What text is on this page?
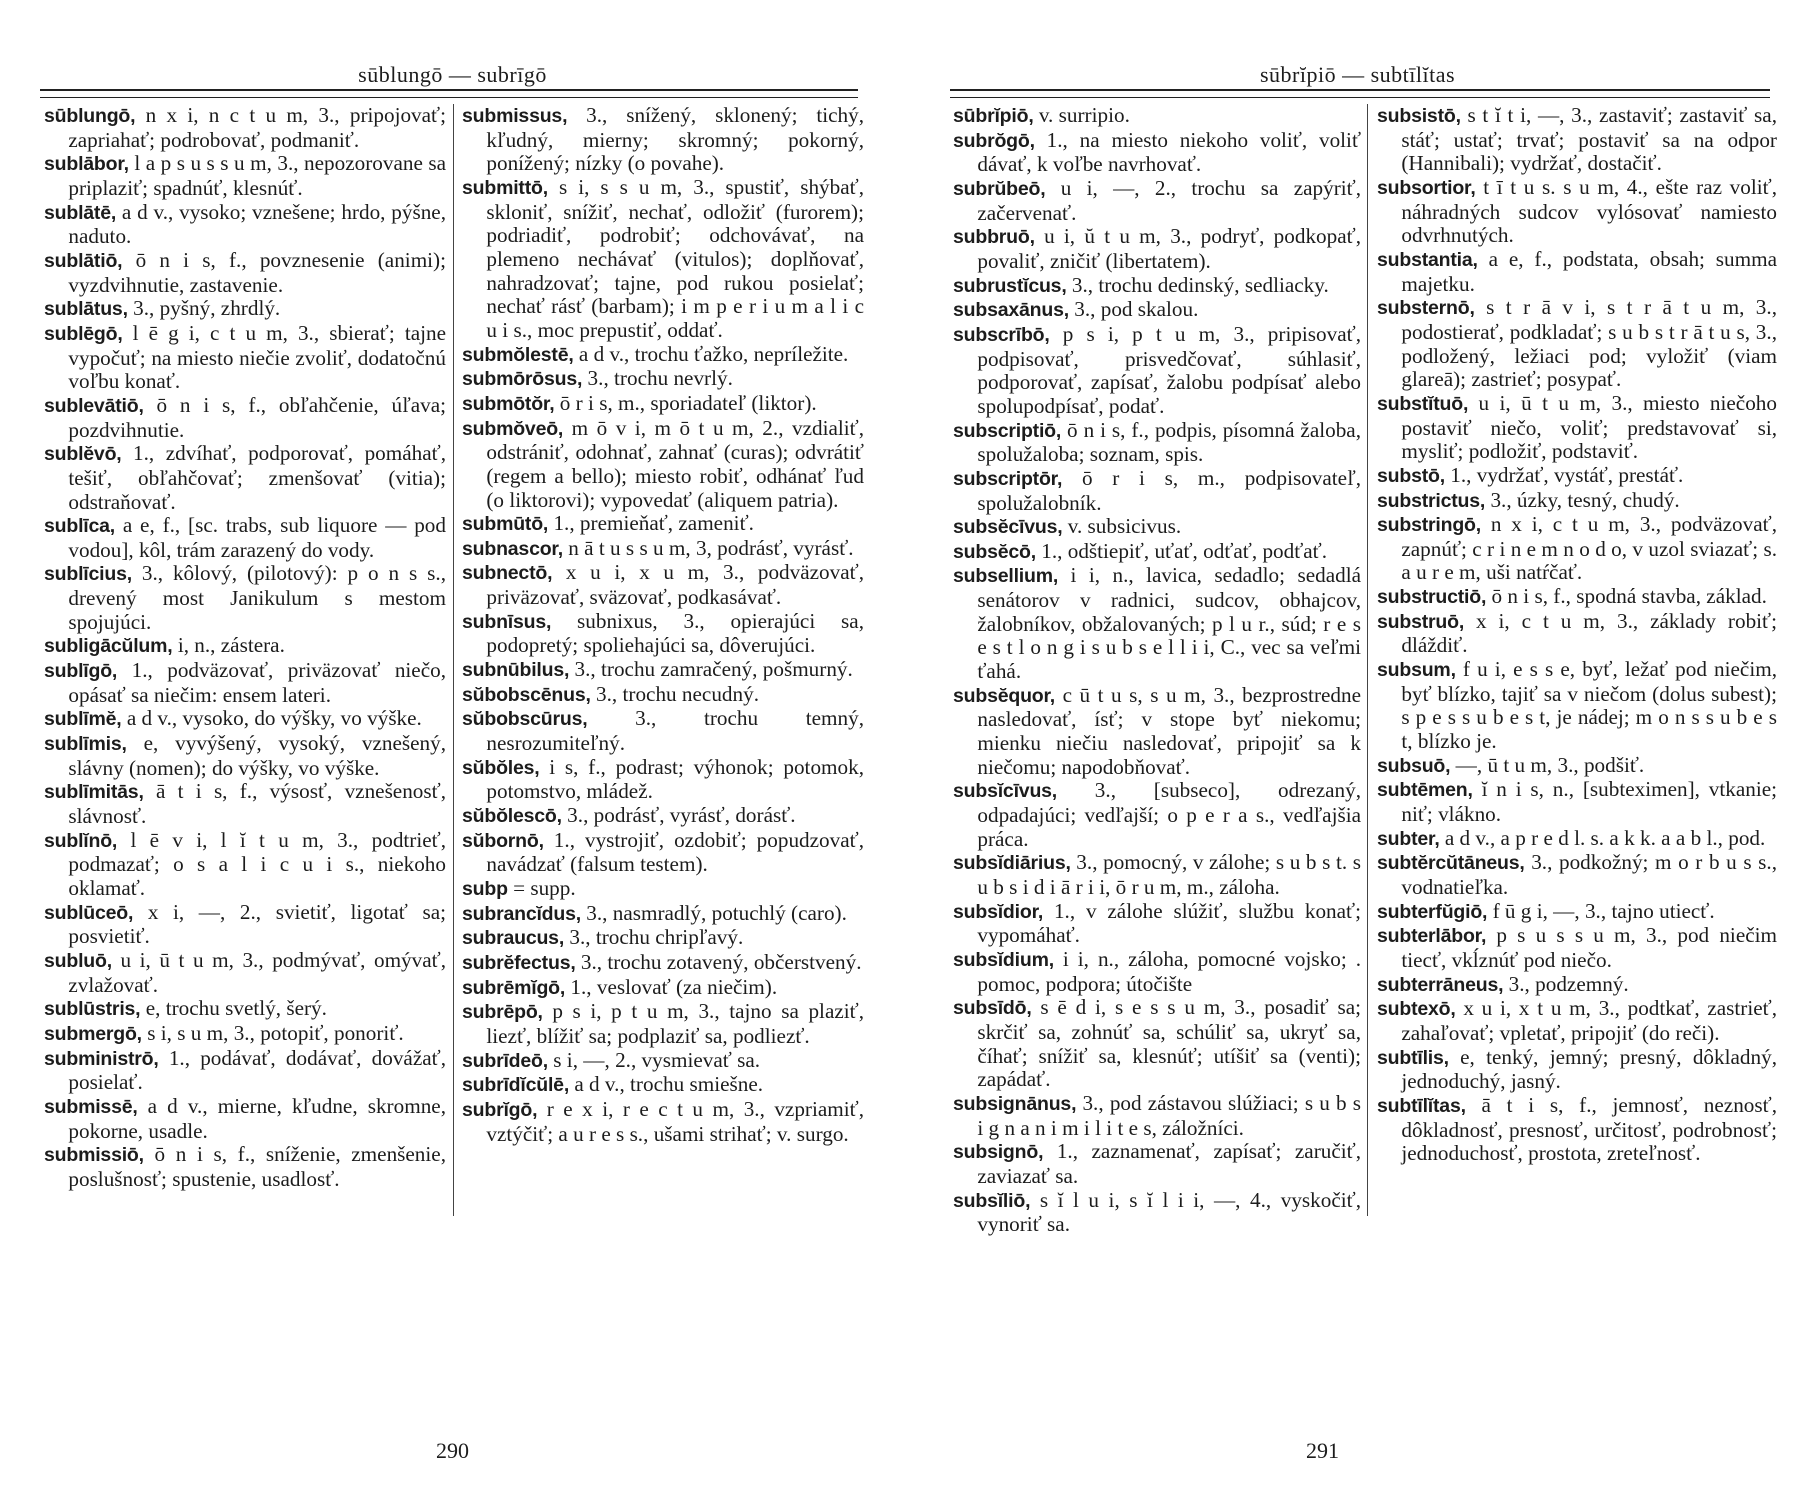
sūblungō — subrīgō

sūblungō, n x i, n c t u m, 3., pripojovať; zapriahať; podrobovať, podmaniť.

sublābor, l a p s u s s u m, 3., nepozorovane sa priplaziť; spadnúť, klesnúť.

sublātē, a d v., vysoko; vznešene; hrdo, pýšne, naduto.

sublātiō, ō n i s, f., povznesenie (animi); vyzdvihnutie, zastavenie.

sublātus, 3., pyšný, zhrdlý.

sublēgō, l ē g i, c t u m, 3., sbierať; tajne vypočuť; na miesto niečie zvoliť, dodatočnú voľbu konať.

sublevātiō, ō n i s, f., obľahčenie, úľava; pozdvihnutie.

sublĕvō, 1., zdvíhať, podporovať, pomáhať, tešiť, obľahčovať; zmenšovať (vitia); odstraňovať.

sublīca, a e, f., [sc. trabs, sub liquore — pod vodou], kôl, trám zarazený do vody.

sublīcius, 3., kôlový, (pilotový): p o n s s., drevený most Janikulum s mestom spojujúci.

subligācŭlum, i, n., zástera.

sublīgō, 1., podväzovať, priväzovať niečo, opásať sa niečim: ensem lateri.

sublīmĕ, a d v., vysoko, do výšky, vo výške.

sublīmis, e, vyvýšený, vysoký, vznešený, slávny (nomen); do výšky, vo výške.

sublīmitās, ā t i s, f., výsosť, vznešenosť, slávnosť.

sublĭnō, l ē v i, l ĭ t u m, 3., podtrieť, podmazať; o s a l i c u i s., niekoho oklamať.

sublūceō, x i, —, 2., svietiť, ligotať sa; posvietiť.

subluō, u i, ū t u m, 3., podmývať, omývať, zvlažovať.

sublūstris, e, trochu svetlý, šerý.

submergō, s i, s u m, 3., potopiť, ponoriť.

subministrō, 1., podávať, dodávať, dovážať, posielať.

submissē, a d v., mierne, kľudne, skromne, pokorne, usadle.

submissiō, ō n i s, f., sníženie, zmenšenie, poslušnosť; spustenie, usadlosť.

submissus, 3., snížený, sklonený; tichý, kľudný, mierny; skromný; pokorný, ponížený; nízky (o povahe).

submittō, s i, s s u m, 3., spustiť, shýbať, skloniť, snížiť, nechať, odložiť (furorem); podriadiť, podrobiť; odchovávať, na plemeno nechávať (vitulos); doplňovať, nahradzovať; tajne, pod rukou posielať; nechať rásť (barbam); i m p e r i u m a l i c u i s., moc prepustiť, oddať.

submŏlestē, a d v., trochu ťažko, nepríležite.

submōrōsus, 3., trochu nevrlý.

submōtŏr, ō r i s, m., sporiadateľ (liktor).

submŏveō, m ō v i, m ō t u m, 2., vzdialiť, odstrániť, odohnať, zahnať (curas); odvrátiť (regem a bello); miesto robiť, odhánať ľud (o liktorovi); vypovedať (aliquem patria).

submūtō, 1., premieňať, zameniť.

subnascor, n ā t u s s u m, 3, podrásť, vyrásť.

subnectō, x u i, x u m, 3., podväzovať, priväzovať, sväzovať, podkasávať.

subnīsus, subnixus, 3., opierajúci sa, podopretý; spoliehajúci sa, dôverujúci.

subnūbilus, 3., trochu zamračený, pošmurný.

sŭbobscēnus, 3., trochu necudný.

sŭbobscūrus, 3., trochu temný, nesrozumiteľný.

sŭbŏles, i s, f., podrast; výhonok; potomok, potomstvo, mládež.

sŭbŏlescō, 3., podrásť, vyrásť, dorásť.

sŭbornō, 1., vystrojiť, ozdobiť; popudzovať, navádzať (falsum testem).

subp = supp.

subrancĭdus, 3., nasmradlý, potuchlý (caro).

subraucus, 3., trochu chripľavý.

subrĕfectus, 3., trochu zotavený, občerstvený.

subrēmĭgō, 1., veslovať (za niečim).

subrēpō, p s i, p t u m, 3., tajno sa plaziť, liezť, blížiť sa; podplaziť sa, podliezť.

subrīdeō, s i, —, 2., vysmievať sa.

subrīdĭcŭlē, a d v., trochu smiešne.

subrĭgō, r e x i, r e c t u m, 3., vzpriamiť, vztýčiť; a u r e s s., ušami strihať; v. surgo.

290
sūbrĭpiō — subtīlĭtas

sūbrĭpiō, v. surripio.

subrŏgō, 1., na miesto niekoho voliť, voliť dávať, k voľbe navrhovať.

subrŭbeō, u i, —, 2., trochu sa zapýriť, začervenať.

subbruō, u i, ŭ t u m, 3., podryť, podkopať, povaliť, zničiť (libertatem).

subrustĭcus, 3., trochu dedinský, sedliacky.

subsaxānus, 3., pod skalou.

subscrībō, p s i, p t u m, 3., pripisovať, podpisovať, prisvedčovať, súhlasiť, podporovať, zapísať, žalobu podpísať alebo spolupodpísať, podať.

subscriptiō, ō n i s, f., podpis, písomná žaloba, spolužaloba; soznam, spis.

subscriptōr, ō r i s, m., podpisovateľ, spolužalobník.

subsĕcīvus, v. subsicivus.

subsĕcō, 1., odštiepiť, uťať, odťať, podťať.

subsellium, i i, n., lavica, sedadlo; sedadlá senátorov v radnici, sudcov, obhajcov, žalobníkov, obžalovaných; p l u r., súd; r e s e s t l o n g i s u b s e l l i i, C., vec sa veľmi ťahá.

subsĕquor, c ū t u s, s u m, 3., bezprostredne nasledovať, ísť; v stope byť niekomu; mienku niečiu nasledovať, pripojiť sa k niečomu; napodobňovať.

subsĭcīvus, 3., [subseco], odrezaný, odpadajúci; vedľajší; o p e r a s., vedľajšia práca.

subsĭdiārius, 3., pomocný, v zálohe; s u b s t. s u b s i d i ā r i i, ō r u m, m., záloha.

subsĭdior, 1., v zálohe slúžiť, službu konať; vypomáhať.

subsĭdium, i i, n., záloha, pomocné vojsko; . pomoc, podpora; útočište

subsīdō, s ē d i, s e s s u m, 3., posadiť sa; skrčiť sa, zohnúť sa, schúliť sa, ukryť sa, číhať; snížiť sa, klesnúť; utíšiť sa (venti); zapádať.

subsignānus, 3., pod zástavou slúžiaci; s u b s i g n a n i m i l i t e s, záložníci.

subsignō, 1., zaznamenať, zapísať; zaručiť, zaviazať sa.

subsĭliō, s ĭ l u i, s ĭ l i i, —, 4., vyskočiť, vynoriť sa.

subsistō, s t ĭ t i, —, 3., zastaviť; zastaviť sa, stáť; ustať; trvať; postaviť sa na odpor (Hannibali); vydržať, dostačiť.

subsortior, t ī t u s. s u m, 4., ešte raz voliť, náhradných sudcov vylósovať namiesto odvrhnutých.

substantia, a e, f., podstata, obsah; summa majetku.

substernō, s t r ā v i, s t r ā t u m, 3., podostierať, podkladať; s u b s t r ā t u s, 3., podložený, ležiaci pod; vyložiť (viam glareā); zastrieť; posypať.

substĭtuō, u i, ū t u m, 3., miesto niečoho postaviť niečo, voliť; predstavovať si, mysliť; podložiť, podstaviť.

substō, 1., vydržať, vystáť, prestáť.

substrictus, 3., úzky, tesný, chudý.

substringō, n x i, c t u m, 3., podväzovať, zapnúť; c r i n e m n o d o, v uzol sviazať; s. a u r e m, uši natŕčať.

substructiō, ō n i s, f., spodná stavba, základ.

substruō, x i, c t u m, 3., základy robiť; dláždiť.

subsum, f u i, e s s e, byť, ležať pod niečim, byť blízko, tajiť sa v niečom (dolus subest); s p e s s u b e s t, je nádej; m o n s s u b e s t, blízko je.

subsuō, —, ū t u m, 3., podšiť.

subtēmen, ĭ n i s, n., [subteximen], vtkanie; niť; vlákno.

subter, a d v., a p r e d l. s. a k k. a a b l., pod.

subtĕrcŭtāneus, 3., podkožný; m o r b u s s., vodnatieľka.

subterfŭgiō, f ū g i, —, 3., tajno utiecť.

subterlābor, p s u s s u m, 3., pod niečim tiecť, vkĺznúť pod niečo.

subterrāneus, 3., podzemný.

subtexō, x u i, x t u m, 3., podtkať, zastrieť, zahaľovať; vpletať, pripojiť (do reči).

subtīlis, e, tenký, jemný; presný, dôkladný, jednoduchý, jasný.

subtīlĭtas, ā t i s, f., jemnosť, neznosť, dôkladnosť, presnosť, určitosť, podrobnosť; jednoduchosť, prostota, zreteľnosť.

291
